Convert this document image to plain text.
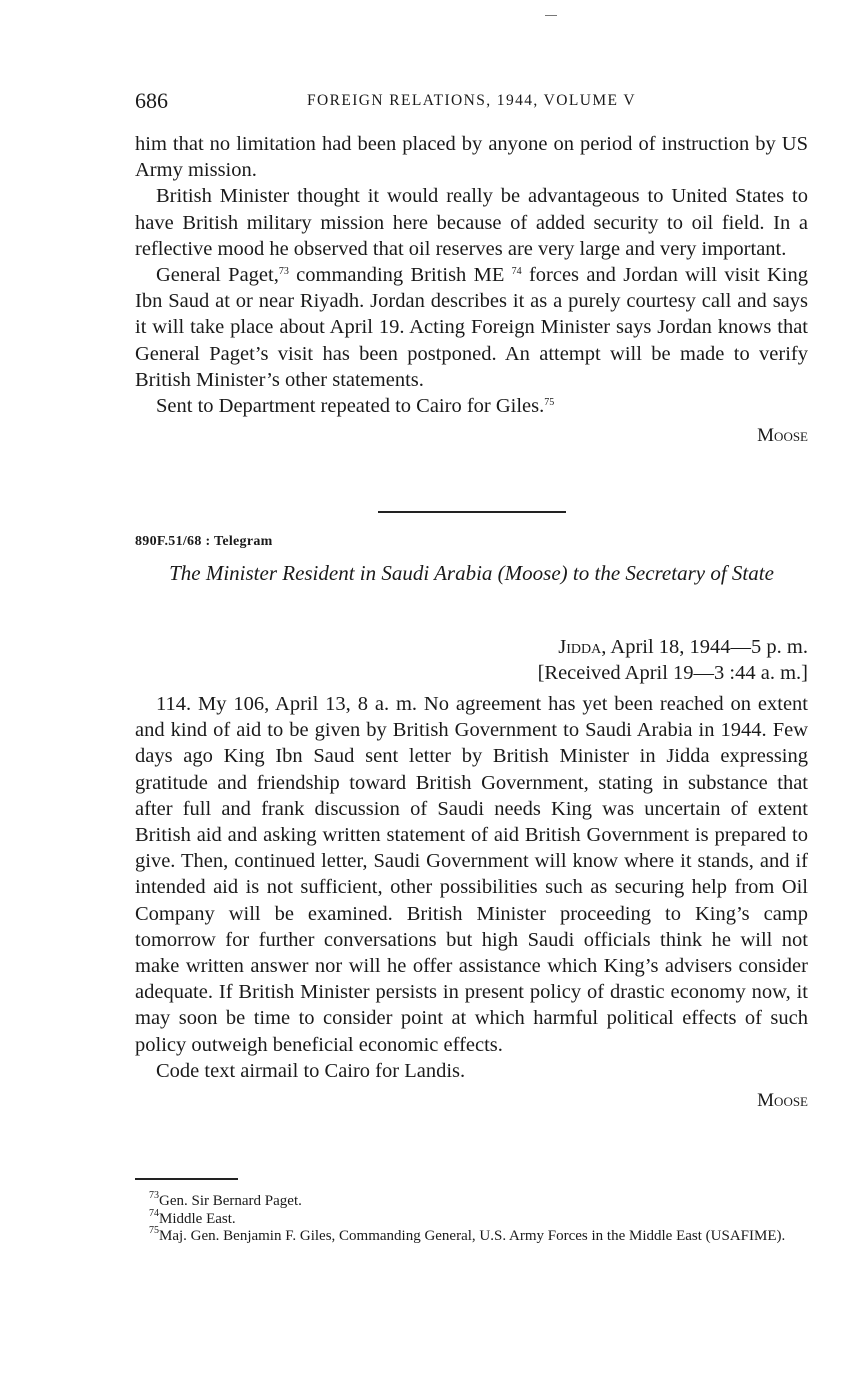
686	FOREIGN RELATIONS, 1944, VOLUME V

him that no limitation had been placed by anyone on period of instruction by US Army mission.

British Minister thought it would really be advantageous to United States to have British military mission here because of added security to oil field. In a reflective mood he observed that oil reserves are very large and very important.

General Paget,$^{73}$ commanding British ME $^{74}$ forces and Jordan will visit King Ibn Saud at or near Riyadh. Jordan describes it as a purely courtesy call and says it will take place about April 19. Acting Foreign Minister says Jordan knows that General Paget’s visit has been postponed. An attempt will be made to verify British Minister’s other statements.

Sent to Department repeated to Cairo for Giles.$^{75}$

Moose

890F.51/68 : Telegram
The Minister Resident in Saudi Arabia (Moose) to the Secretary of State
Jidda, April 18, 1944—5 p. m.
[Received April 19—3 :44 a. m.]

114. My 106, April 13, 8 a. m. No agreement has yet been reached on extent and kind of aid to be given by British Government to Saudi Arabia in 1944. Few days ago King Ibn Saud sent letter by British Minister in Jidda expressing gratitude and friendship toward British Government, stating in substance that after full and frank discussion of Saudi needs King was uncertain of extent British aid and asking written statement of aid British Government is prepared to give. Then, continued letter, Saudi Government will know where it stands, and if intended aid is not sufficient, other possibilities such as securing help from Oil Company will be examined. British Minister proceeding to King’s camp tomorrow for further conversations but high Saudi officials think he will not make written answer nor will he offer assistance which King’s advisers consider adequate. If British Minister persists in present policy of drastic economy now, it may soon be time to consider point at which harmful political effects of such policy outweigh beneficial economic effects.

Code text airmail to Cairo for Landis.

Moose

$^{73}$Gen. Sir Bernard Paget.

$^{74}$Middle East.

$^{75}$Maj. Gen. Benjamin F. Giles, Commanding General, U.S. Army Forces in the Middle East (USAFIME).
